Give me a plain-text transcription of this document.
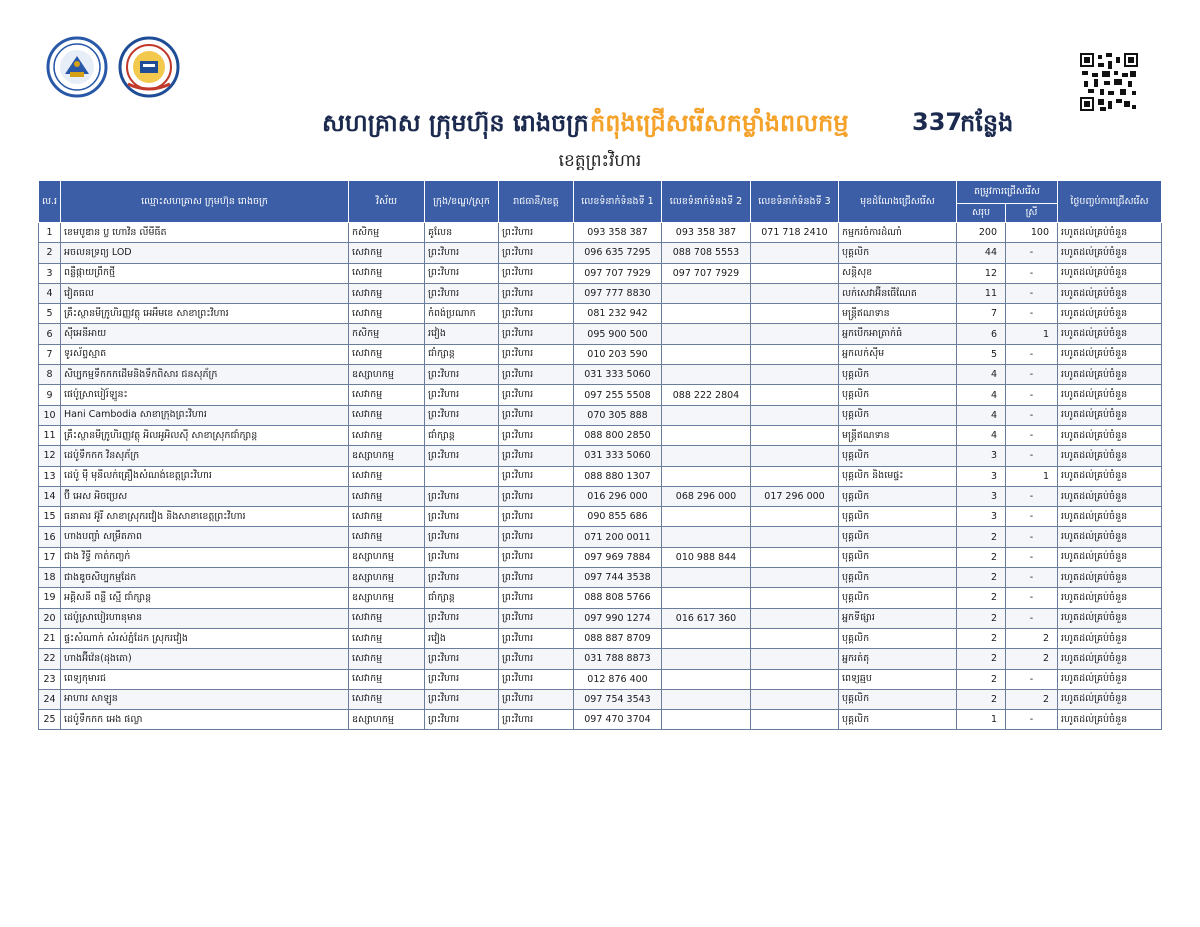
សហគ្រាស ក្រុមហ៊ុន រោងចក្រ កំពុងជ្រើសរើសកម្លាំងពលកម្ម	337
កន្លែង
ខេត្តព្រះវិហារ
ល.រ	ឈ្មោះសហគ្រាស ក្រុមហ៊ុន រោងចក្រ	វិស័យ	ក្រុង/ខណ្ឌ/ស្រុក	រាជធានី/ខេត្ត	លេខទំនាក់ទំនងទី 1	លេខទំនាក់ទំនងទី 2	លេខទំនាក់ទំនងទី 3	មុខដំណែងជ្រើសរើស	តម្រូវការជ្រើសរើស		ថ្ងៃបញ្ចប់ការជ្រើសរើស
									សរុប	ស្រី	
1	ខេមបូឌាន ប្ល ហោវិន លីមីធីត	កសិកម្ម	គូលែន	ព្រះវិហារ	093 358 387	093 358 387	071 718 2410	កម្មករចំការដំណាំ	200	100	រហូតដល់គ្រប់ចំនួន
2	អចលនទ្រព្យ LOD	សេវាកម្ម	ព្រះវិហារ	ព្រះវិហារ	096 635 7295	088 708 5553		បុគ្គលិក	44	-	រហូតដល់គ្រប់ចំនួន
3	ពន្លឺផ្កាយព្រឹកថ្មី	សេវាកម្ម	ព្រះវិហារ	ព្រះវិហារ	097 707 7929	097 707 7929		សន្តិសុខ	12	-	រហូតដល់គ្រប់ចំនួន
4	វៀតធល	សេវាកម្ម	ព្រះវិហារ	ព្រះវិហារ	097 777 8830			លក់សេវាអ៊ីនធើណែត	11	-	រហូតដល់គ្រប់ចំនួន
5	គ្រឹះស្ថានមីក្រូហិរញ្ញវត្ថុ អេអឹមខេ សាខាព្រះវិហារ	សេវាកម្ម	កំពង់ប្រណាក	ព្រះវិហារ	081 232 942			មន្ត្រីឥណទាន	7	-	រហូតដល់គ្រប់ចំនួន
6	ស៊ីអេនីអាយ	កសិកម្ម	រវៀង	ព្រះវិហារ	095 900 500			អ្នកបើកអាត្រាក់ធំ	6	1	រហូតដល់គ្រប់ចំនួន
7	ទូរស័ព្ទស្មាត	សេវាកម្ម	ជាំក្សាន្ត	ព្រះវិហារ	010 203 590			អ្នកលក់ស៊ីម	5	-	រហូតដល់គ្រប់ចំនួន
8	សិប្បកម្មទឹកកកដើមនិងទឹកពិសារ ជនសុភ័ក្រ	ឧស្សាហកម្ម	ព្រះវិហារ	ព្រះវិហារ	031 333 5060			បុគ្គលិក	4	-	រហូតដល់គ្រប់ចំនួន
9	ផេប៉ូស្រាបៀរ៍ឡូនះ	សេវាកម្ម	ព្រះវិហារ	ព្រះវិហារ	097 255 5508	088 222 2804		បុគ្គលិក	4	-	រហូតដល់គ្រប់ចំនួន
10	Hani Cambodia សាខាក្រុងព្រះវិហារ	សេវាកម្ម	ព្រះវិហារ	ព្រះវិហារ	070 305 888			បុគ្គលិក	4	-	រហូតដល់គ្រប់ចំនួន
11	គ្រឹះស្ថានមីក្រូហិរញ្ញវត្ថុ អិលអូអិលស៊ី សាខាស្រុកជាំក្សាន្ត	សេវាកម្ម	ជាំក្សាន្ត	ព្រះវិហារ	088 800 2850			មន្ត្រីឥណទាន	4	-	រហូតដល់គ្រប់ចំនួន
12	ដេប៉ូទឹកកក វិនសុភ័ក្រ	ឧស្សាហកម្ម	ព្រះវិហារ	ព្រះវិហារ	031 333 5060			បុគ្គលិក	3	-	រហូតដល់គ្រប់ចំនួន
13	ដេប៉ូ មុី មុនីលក់គ្រឿងសំណង់ខេត្តព្រះវិហារ	សេវាកម្ម		ព្រះវិហារ	088 880 1307			បុគ្គលិក និងមេផ្ទះ	3	1	រហូតដល់គ្រប់ចំនួន
14	ប៊ី អេស អិចប្រេស	សេវាកម្ម	ព្រះវិហារ	ព្រះវិហារ	016 296 000	068 296 000	017 296 000	បុគ្គលិក	3	-	រហូតដល់គ្រប់ចំនួន
15	ធនាគារ អ៊ូរី សាខាស្រុករវៀង និងសាខាខេត្តព្រះវិហារ	សេវាកម្ម	ព្រះវិហារ	ព្រះវិហារ	090 855 686			បុគ្គលិក	3	-	រហូតដល់គ្រប់ចំនួន
16	ហាងបញ្ចាំ សម្រឹតភាព	សេវាកម្ម	ព្រះវិហារ	ព្រះវិហារ	071 200 0011			បុគ្គលិក	2	-	រហូតដល់គ្រប់ចំនួន
17	ជាង វិទ្ធី កាត់កញ្ចក់	ឧស្សាហកម្ម	ព្រះវិហារ	ព្រះវិហារ	097 969 7884	010 988 844		បុគ្គលិក	2	-	រហូតដល់គ្រប់ចំនួន
18	ជាងឌូចសិប្បកម្មដែក	ឧស្សាហកម្ម	ព្រះវិហារ	ព្រះវិហារ	097 744 3538			បុគ្គលិក	2	-	រហូតដល់គ្រប់ចំនួន
19	អគ្គិសនី ពន្លឺ ស្មើ ជាំក្សាន្ត	ឧស្សាហកម្ម	ជាំក្សាន្ត	ព្រះវិហារ	088 808 5766			បុគ្គលិក	2	-	រហូតដល់គ្រប់ចំនួន
20	ដេប៉ូស្រាបៀរហានុមាន	សេវាកម្ម	ព្រះវិហារ	ព្រះវិហារ	097 990 1274	016 617 360		អ្នកទីផ្សារ	2	-	រហូតដល់គ្រប់ចំនួន
21	ផ្ទះសំណាក់ សំរស់ភ្នំដែក ស្រុករវៀង	សេវាកម្ម	រវៀង	ព្រះវិហារ	088 887 8709			បុគ្គលិក	2	2	រហូតដល់គ្រប់ចំនួន
22	ហាងអ៊ីវ៉េន(ដុងតោ)	សេវាកម្ម	ព្រះវិហារ	ព្រះវិហារ	031 788 8873			អ្នករត់តុ	2	2	រហូតដល់គ្រប់ចំនួន
23	ពេទ្យកុមារជ	សេវាកម្ម	ព្រះវិហារ	ព្រះវិហារ	012 876 400			ពេទ្យឆ្មប	2	-	រហូតដល់គ្រប់ចំនួន
24	អាហារ សាឡូន	សេវាកម្ម	ព្រះវិហារ	ព្រះវិហារ	097 754 3543			បុគ្គលិក	2	2	រហូតដល់គ្រប់ចំនួន
25	ដេប៉ូទឹកកក អេង ផល្លា	ឧស្សាហកម្ម	ព្រះវិហារ	ព្រះវិហារ	097 470 3704			បុគ្គលិក	1	-	រហូតដល់គ្រប់ចំនួន
